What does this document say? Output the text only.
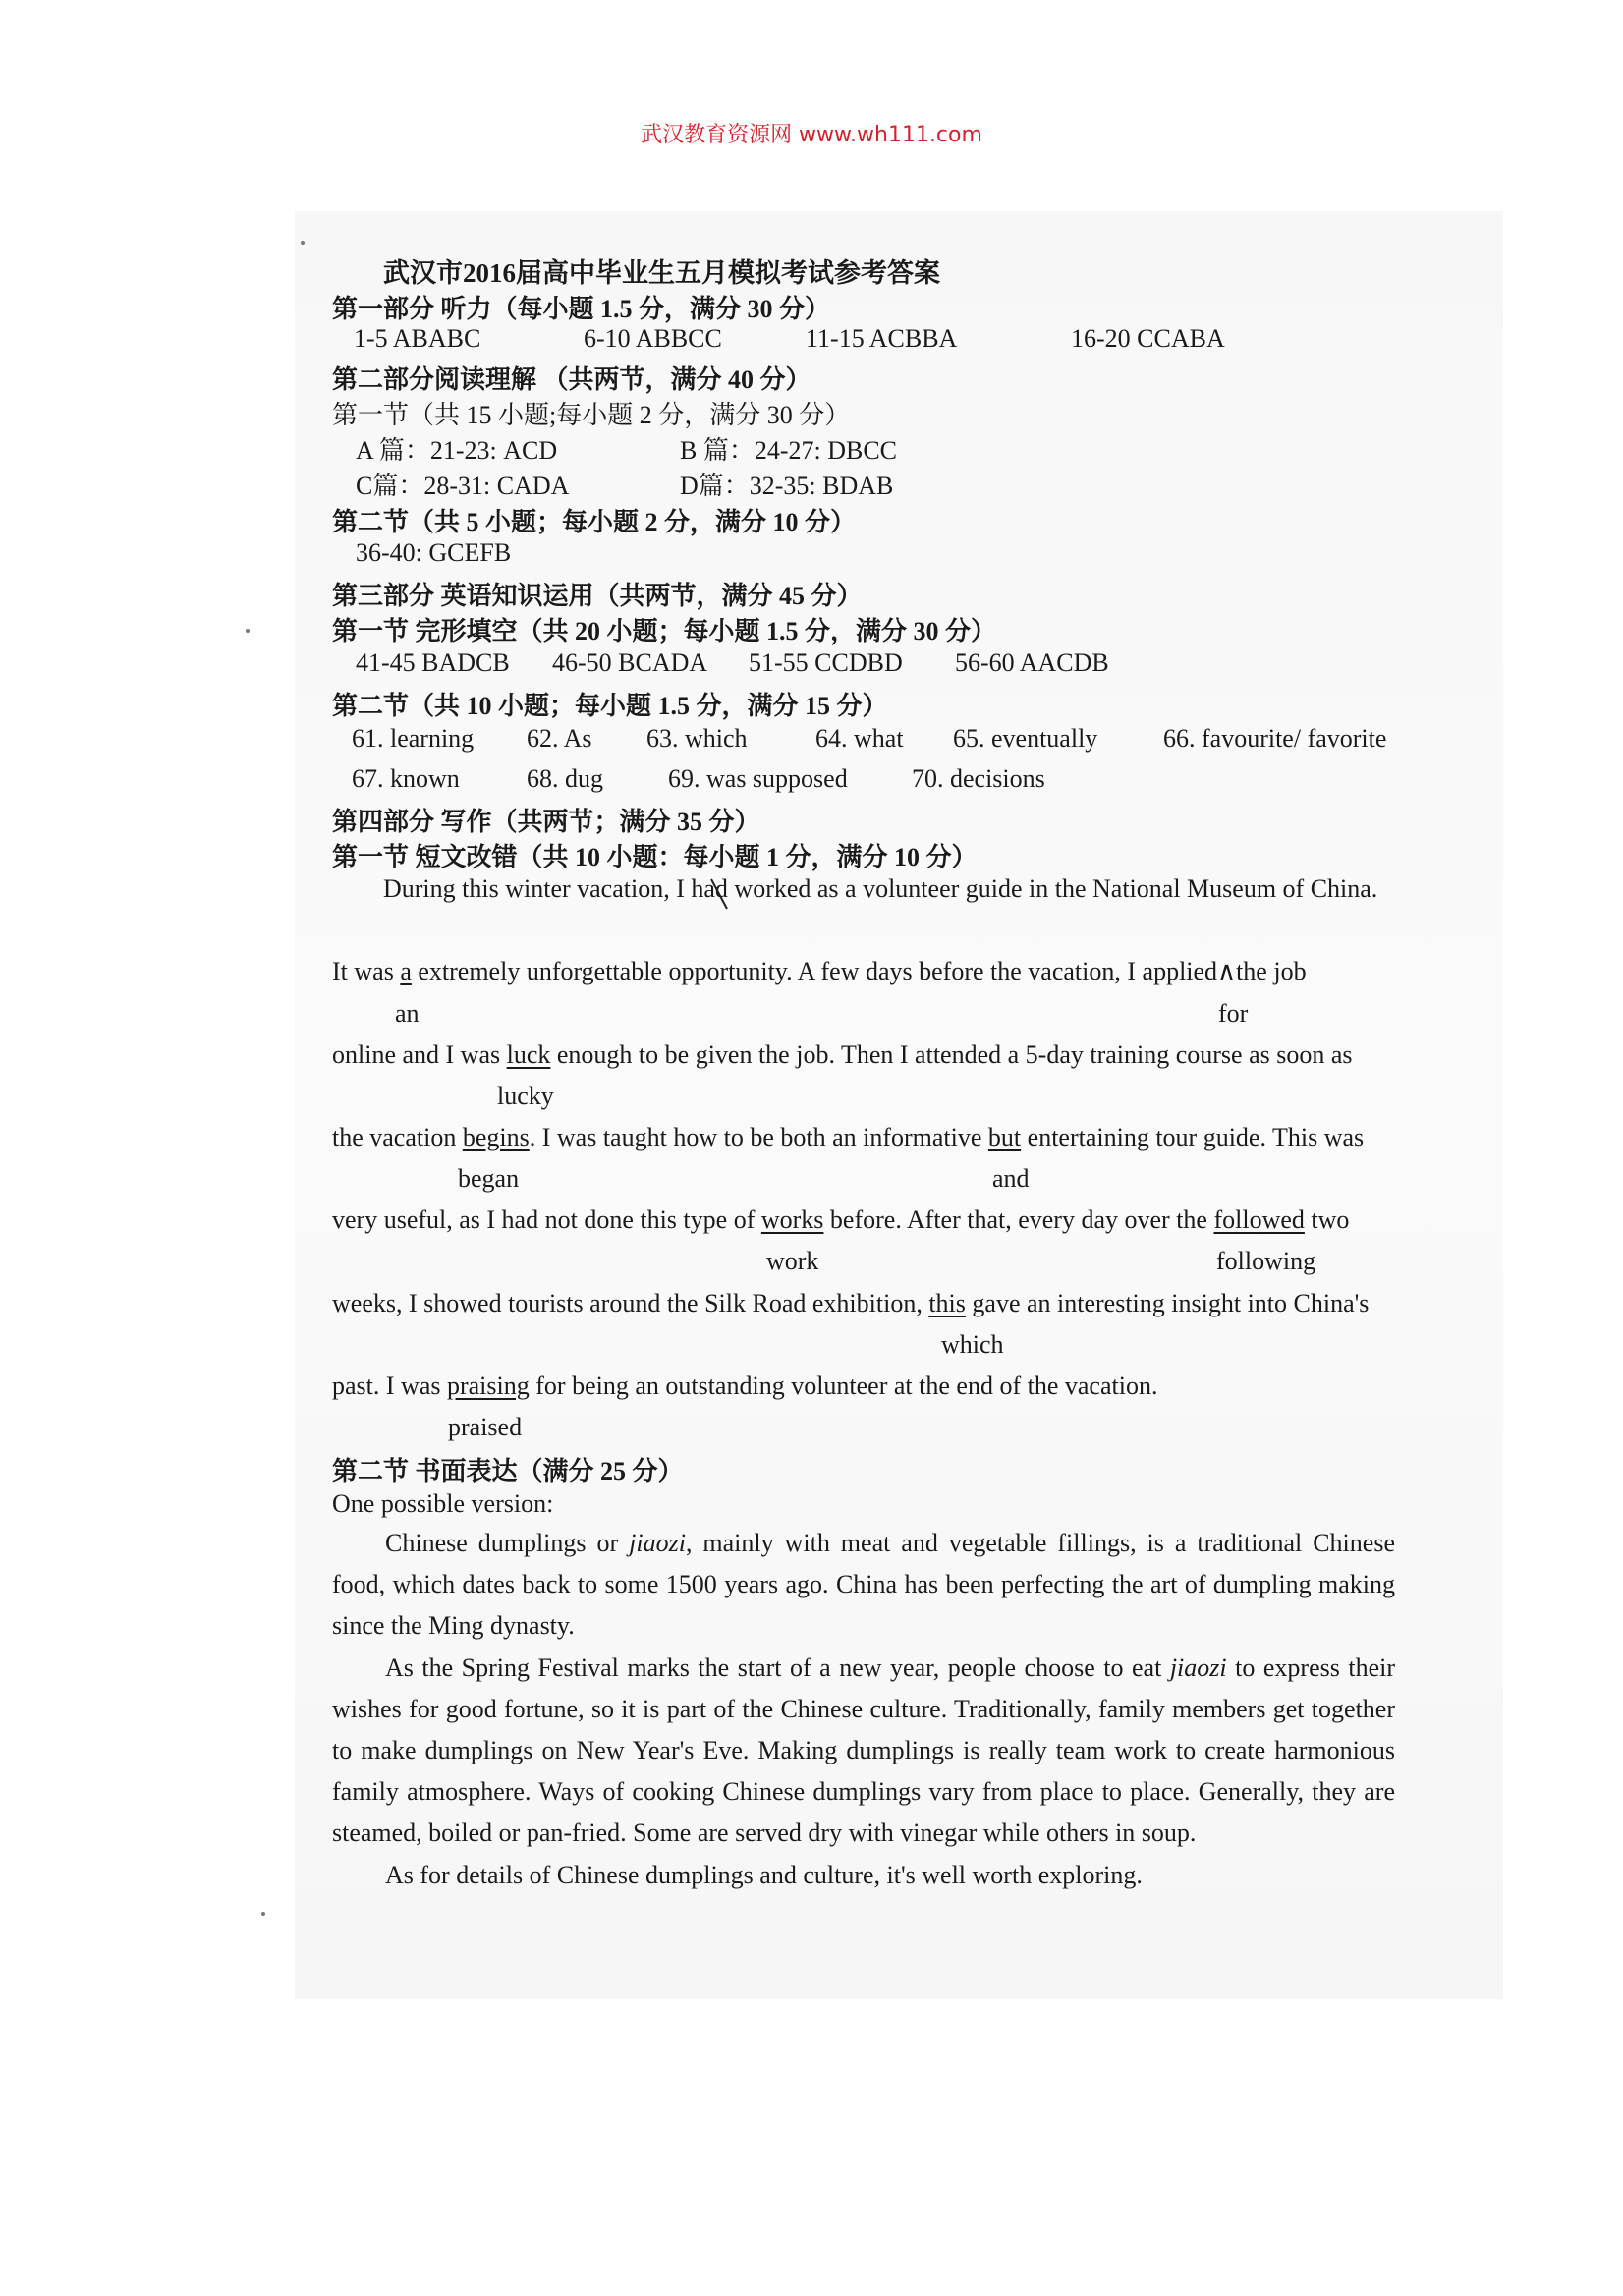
武汉教育资源网 www.wh111.com
武汉市2016届高中毕业生五月模拟考试参考答案
第一部分 听力（每小题 1.5 分，满分 30 分）
1-5 ABABC	6-10 ABBCC	11-15 ACBBA	16-20 CCABA
第二部分阅读理解 （共两节，满分 40 分）
第一节（共 15 小题;每小题 2 分，满分 30 分）
A 篇：21-23: ACD	B 篇：24-27: DBCC
C篇：28-31: CADA	D篇：32-35: BDAB
第二节（共 5 小题；每小题 2 分，满分 10 分）
36-40: GCEFB
第三部分 英语知识运用（共两节，满分 45 分）
第一节 完形填空（共 20 小题；每小题 1.5 分，满分 30 分）
41-45 BADCB 46-50 BCADA 51-55 CCDBD 56-60 AACDB
第二节（共 10 小题；每小题 1.5 分，满分 15 分）
61. learning 62. As 63. which	64. what 65. eventually	66. favourite/ favorite
67. known	68. dug	69. was supposed	70. decisions
第四部分 写作（共两节；满分 35 分）
第一节 短文改错（共 10 小题：每小题 1 分，满分 10 分）
During this winter vacation, I had worked as a volunteer guide in the National Museum of China.
It was a extremely unforgettable opportunity. A few days before the vacation, I applied∧the job
an	for
online and I was luck enough to be given the job. Then I attended a 5-day training course as soon as
lucky
the vacation begins. I was taught how to be both an informative but entertaining tour guide. This was
began	and
very useful, as I had not done this type of works before. After that, every day over the followed two
work	following
weeks, I showed tourists around the Silk Road exhibition, this gave an interesting insight into China's
which
past. I was praising for being an outstanding volunteer at the end of the vacation.
praised
第二节 书面表达（满分 25 分）
One possible version:
Chinese dumplings or jiaozi, mainly with meat and vegetable fillings, is a traditional Chinese food, which dates back to some 1500 years ago. China has been perfecting the art of dumpling making since the Ming dynasty.
As the Spring Festival marks the start of a new year, people choose to eat jiaozi to express their wishes for good fortune, so it is part of the Chinese culture. Traditionally, family members get together to make dumplings on New Year's Eve. Making dumplings is really team work to create harmonious family atmosphere. Ways of cooking Chinese dumplings vary from place to place. Generally, they are steamed, boiled or pan-fried. Some are served dry with vinegar while others in soup.
As for details of Chinese dumplings and culture, it's well worth exploring.
